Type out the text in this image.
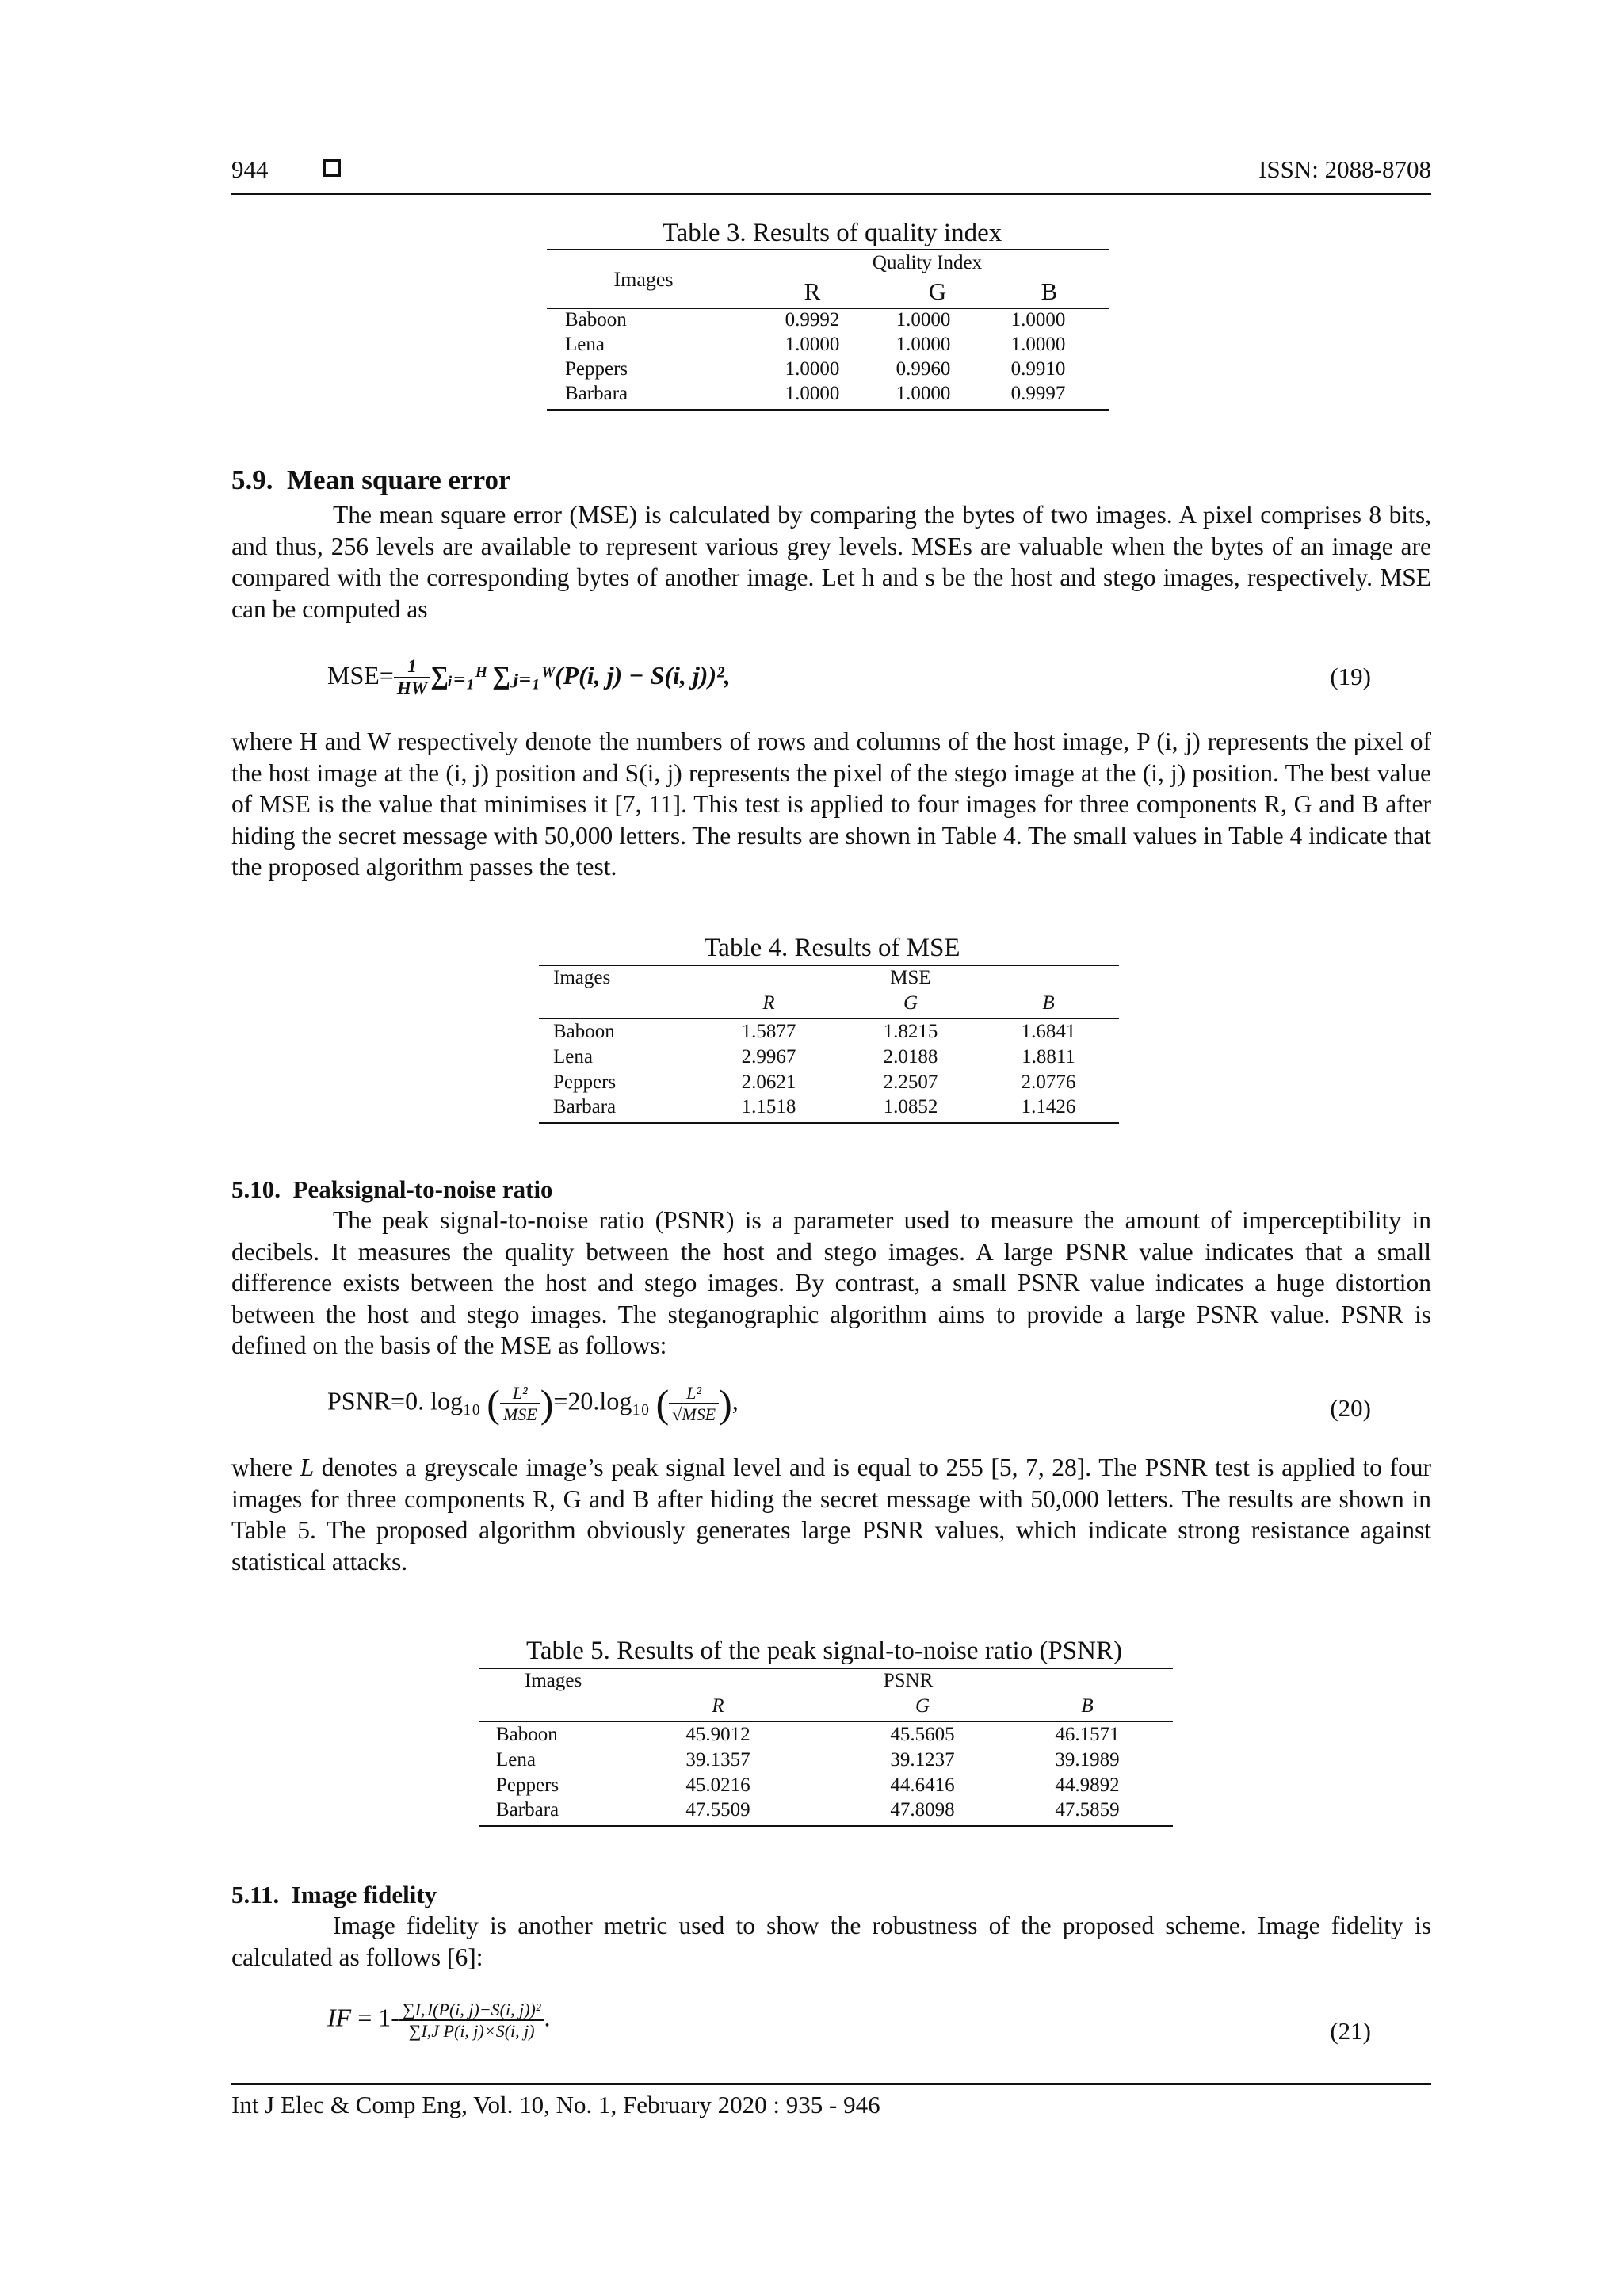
944	ISSN: 2088-8708
Table 3. Results of quality index
Images
Quality Index
R	G	B
Baboon	0.9992	1.0000	1.0000
Lena	1.0000	1.0000	1.0000
Peppers	1.0000	0.9960	0.9910
Barbara	1.0000	1.0000	0.9997
5.9. Mean square error

The mean square error (MSE) is calculated by comparing the bytes of two images. A pixel comprises 8 bits, and thus, 256 levels are available to represent various grey levels. MSEs are valuable when the bytes of an image are compared with the corresponding bytes of another image. Let h and s be the host and stego images, respectively. MSE can be computed as

$MSE= \frac{1}{HW}$ ∑ᵢ₌₁ᴴ ∑ⱼ₌₁ᵂ(P(i, j) − S(i, j))²,	(19)

where H and W respectively denote the numbers of rows and columns of the host image, P (i, j) represents the pixel of the host image at the (i, j) position and S(i, j) represents the pixel of the stego image at the (i, j) position. The best value of MSE is the value that minimises it [7, 11]. This test is applied to four images for three components R, G and B after hiding the secret message with 50,000 letters. The results are shown in Table 4. The small values in Table 4 indicate that the proposed algorithm passes the test.

Table 4. Results of MSE
Images	MSE
R	G	B
Baboon	1.5877	1.8215	1.6841
Lena	2.9967	2.0188	1.8811
Peppers	2.0621	2.2507	2.0776
Barbara	1.1518	1.0852	1.1426
5.10. Peaksignal-to-noise ratio

The peak signal-to-noise ratio (PSNR) is a parameter used to measure the amount of imperceptibility in decibels. It measures the quality between the host and stego images. A large PSNR value indicates that a small difference exists between the host and stego images. By contrast, a small PSNR value indicates a huge distortion between the host and stego images. The steganographic algorithm aims to provide a large PSNR value. PSNR is defined on the basis of the MSE as follows:

PSNR=0. log₁₀ ( $\frac{\text{L²}}{\text{MSE}} )=20.\log_{10}$ ( $\frac{\text{L²}}{\text{√MSE}}$ ),	(20)

where L denotes a greyscale image’s peak signal level and is equal to 255 [5, 7, 28]. The PSNR test is applied to four images for three components R, G and B after hiding the secret message with 50,000 letters. The results are shown in Table 5. The proposed algorithm obviously generates large PSNR values, which indicate strong resistance against statistical attacks.

Table 5. Results of the peak signal-to-noise ratio (PSNR)
Images	PSNR
R	G	B
Baboon	45.9012	45.5605	46.1571
Lena	39.1357	39.1237	39.1989
Peppers	45.0216	44.6416	44.9892
Barbara	47.5509	47.8098	47.5859
5.11. Image fidelity

Image fidelity is another metric used to show the robustness of the proposed scheme. Image fidelity is calculated as follows [6]:

IF = $1- \frac{\text{∑I,J(P(i, j)−S(i, j))²}}{\text{∑I,J P(i, j)×S(i, j)}}$ .	(21)
Int J Elec & Comp Eng, Vol. 10, No. 1, February 2020 : 935 - 946
